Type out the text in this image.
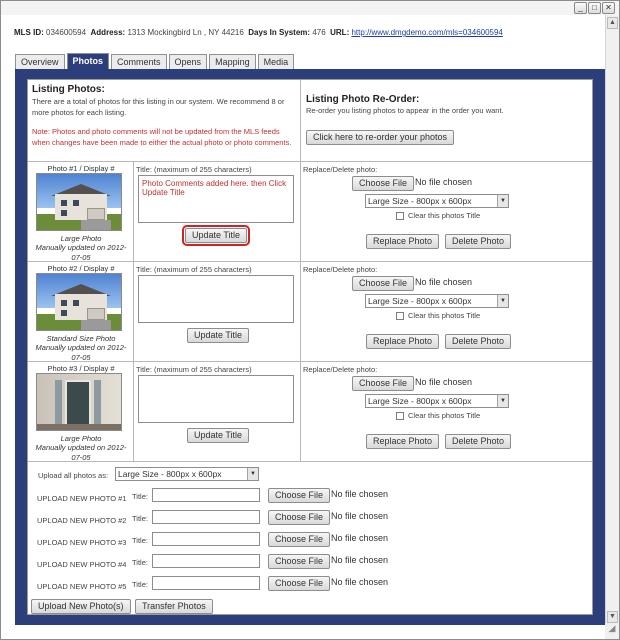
_	□	✕
▲
▼
◢
MLS ID: 034600594 Address: 1313 Mockingbird Ln , NY 44216 Days In System: 476 URL: http://www.dmgdemo.com/mls=034600594
Overview	Photos	Comments	Opens	Mapping	Media
Listing Photos:
There are a total of photos for this listing in our system. We recommend 8 or more photos for each listing.
Note: Photos and photo comments will not be updated from the MLS feeds when changes have been made to either the actual photo or photo comments.
Listing Photo Re-Order:
Re-order you listing photos to appear in the order you want.
Click here to re-order your photos
Photo #1 / Display #
Large Photo
Manually updated on 2012-07-05
Title: (maximum of 255 characters)
Photo Comments added here. then Click Update Title
Update Title
Replace/Delete photo:
Choose File No file chosen
Large Size - 800px x 600px	▼
Clear this photos Title
Replace Photo	Delete Photo
Photo #2 / Display #
Standard Size Photo
Manually updated on 2012-07-05
Title: (maximum of 255 characters)
Update Title
Replace/Delete photo:
Choose File No file chosen
Large Size - 800px x 600px	▼
Clear this photos Title
Replace Photo	Delete Photo
Photo #3 / Display #
Large Photo
Manually updated on 2012-07-05
Title: (maximum of 255 characters)
Update Title
Replace/Delete photo:
Choose File No file chosen
Large Size - 800px x 600px	▼
Clear this photos Title
Replace Photo	Delete Photo
Upload all photos as:	Large Size - 800px x 600px	▼
UPLOAD NEW PHOTO #1 Title:	Choose File No file chosen
UPLOAD NEW PHOTO #2 Title:	Choose File No file chosen
UPLOAD NEW PHOTO #3 Title:	Choose File No file chosen
UPLOAD NEW PHOTO #4 Title:	Choose File No file chosen
UPLOAD NEW PHOTO #5 Title:	Choose File No file chosen
Upload New Photo(s)	Transfer Photos
